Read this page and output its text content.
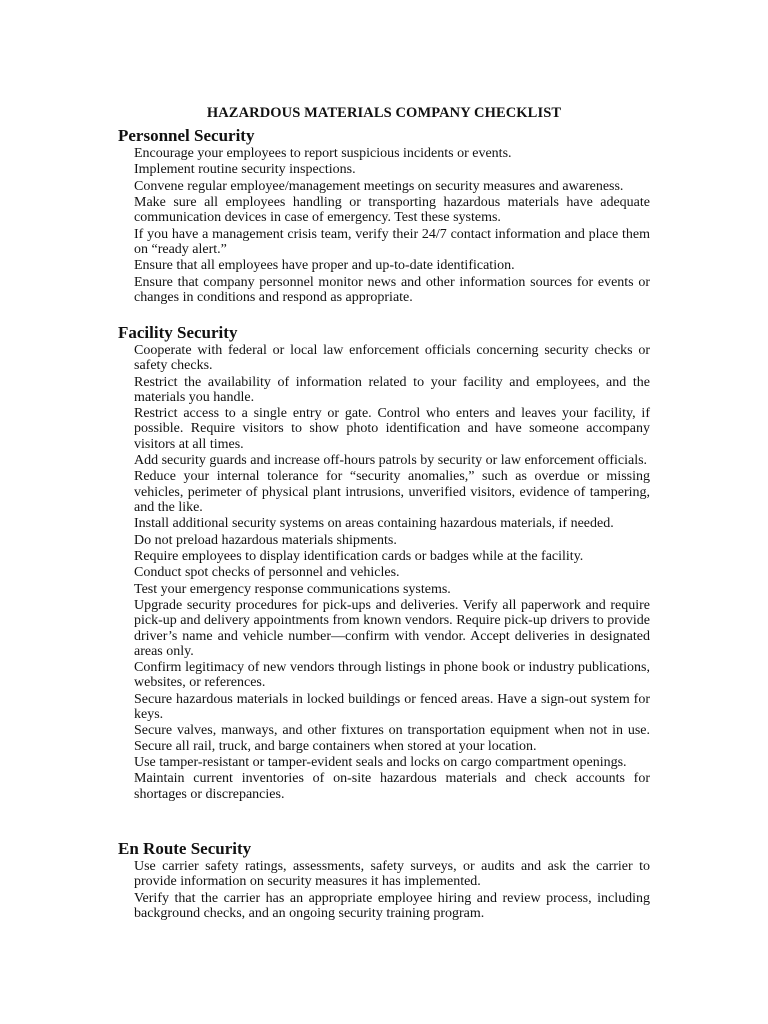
HAZARDOUS MATERIALS COMPANY CHECKLIST
Personnel Security
Encourage your employees to report suspicious incidents or events.
Implement routine security inspections.
Convene regular employee/management meetings on security measures and awareness.
Make sure all employees handling or transporting hazardous materials have adequate communication devices in case of emergency. Test these systems.
If you have a management crisis team, verify their 24/7 contact information and place them on “ready alert.”
Ensure that all employees have proper and up-to-date identification.
Ensure that company personnel monitor news and other information sources for events or changes in conditions and respond as appropriate.
Facility Security
Cooperate with federal or local law enforcement officials concerning security checks or safety checks.
Restrict the availability of information related to your facility and employees, and the materials you handle.
Restrict access to a single entry or gate. Control who enters and leaves your facility, if possible. Require visitors to show photo identification and have someone accompany visitors at all times.
Add security guards and increase off-hours patrols by security or law enforcement officials.
Reduce your internal tolerance for “security anomalies,” such as overdue or missing vehicles, perimeter of physical plant intrusions, unverified visitors, evidence of tampering, and the like.
Install additional security systems on areas containing hazardous materials, if needed.
Do not preload hazardous materials shipments.
Require employees to display identification cards or badges while at the facility.
Conduct spot checks of personnel and vehicles.
Test your emergency response communications systems.
Upgrade security procedures for pick-ups and deliveries. Verify all paperwork and require pick-up and delivery appointments from known vendors. Require pick-up drivers to provide driver’s name and vehicle number—confirm with vendor. Accept deliveries in designated areas only.
Confirm legitimacy of new vendors through listings in phone book or industry publications, websites, or references.
Secure hazardous materials in locked buildings or fenced areas. Have a sign-out system for keys.
Secure valves, manways, and other fixtures on transportation equipment when not in use. Secure all rail, truck, and barge containers when stored at your location.
Use tamper-resistant or tamper-evident seals and locks on cargo compartment openings.
Maintain current inventories of on-site hazardous materials and check accounts for shortages or discrepancies.
En Route Security
Use carrier safety ratings, assessments, safety surveys, or audits and ask the carrier to provide information on security measures it has implemented.
Verify that the carrier has an appropriate employee hiring and review process, including background checks, and an ongoing security training program.
